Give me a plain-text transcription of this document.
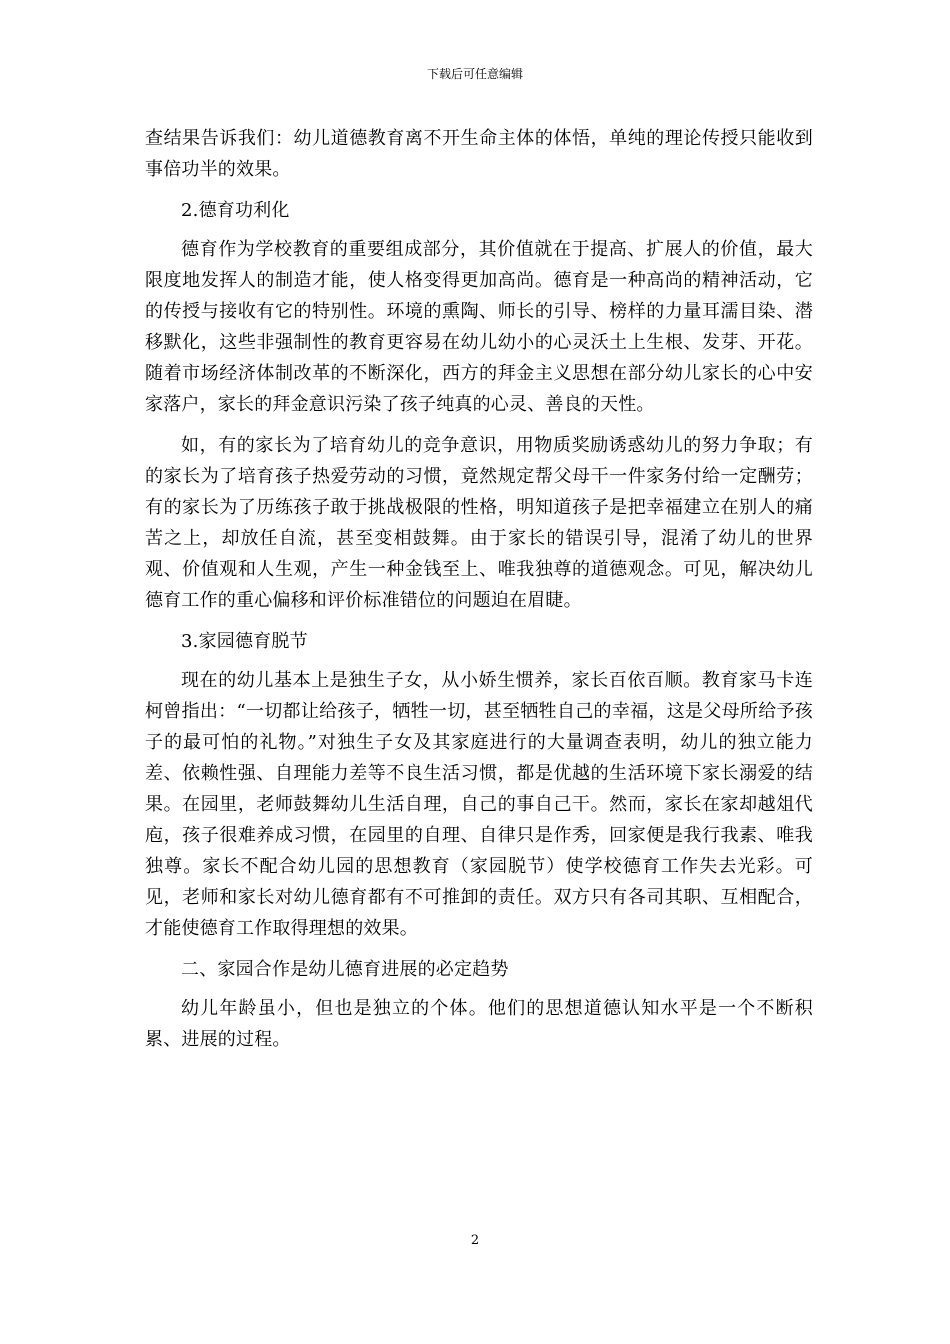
下载后可任意编辑

查结果告诉我们：幼儿道德教育离不开生命主体的体悟，单纯的理论传授只能收到事倍功半的效果。

2.德育功利化

德育作为学校教育的重要组成部分，其价值就在于提高、扩展人的价值，最大限度地发挥人的制造才能，使人格变得更加高尚。德育是一种高尚的精神活动，它的传授与接收有它的特别性。环境的熏陶、师长的引导、榜样的力量耳濡目染、潜移默化，这些非强制性的教育更容易在幼儿幼小的心灵沃土上生根、发芽、开花。随着市场经济体制改革的不断深化，西方的拜金主义思想在部分幼儿家长的心中安家落户，家长的拜金意识污染了孩子纯真的心灵、善良的天性。

如，有的家长为了培育幼儿的竞争意识，用物质奖励诱惑幼儿的努力争取；有的家长为了培育孩子热爱劳动的习惯，竟然规定帮父母干一件家务付给一定酬劳；有的家长为了历练孩子敢于挑战极限的性格，明知道孩子是把幸福建立在别人的痛苦之上，却放任自流，甚至变相鼓舞。由于家长的错误引导，混淆了幼儿的世界观、价值观和人生观，产生一种金钱至上、唯我独尊的道德观念。可见，解决幼儿德育工作的重心偏移和评价标准错位的问题迫在眉睫。

3.家园德育脱节

现在的幼儿基本上是独生子女，从小娇生惯养，家长百依百顺。教育家马卡连柯曾指出：“一切都让给孩子，牺牲一切，甚至牺牲自己的幸福，这是父母所给予孩子的最可怕的礼物。”对独生子女及其家庭进行的大量调查表明，幼儿的独立能力差、依赖性强、自理能力差等不良生活习惯，都是优越的生活环境下家长溺爱的结果。在园里，老师鼓舞幼儿生活自理，自己的事自己干。然而，家长在家却越俎代庖，孩子很难养成习惯，在园里的自理、自律只是作秀，回家便是我行我素、唯我独尊。家长不配合幼儿园的思想教育（家园脱节）使学校德育工作失去光彩。可见，老师和家长对幼儿德育都有不可推卸的责任。双方只有各司其职、互相配合，才能使德育工作取得理想的效果。

二、家园合作是幼儿德育进展的必定趋势

幼儿年龄虽小，但也是独立的个体。他们的思想道德认知水平是一个不断积累、进展的过程。

2
